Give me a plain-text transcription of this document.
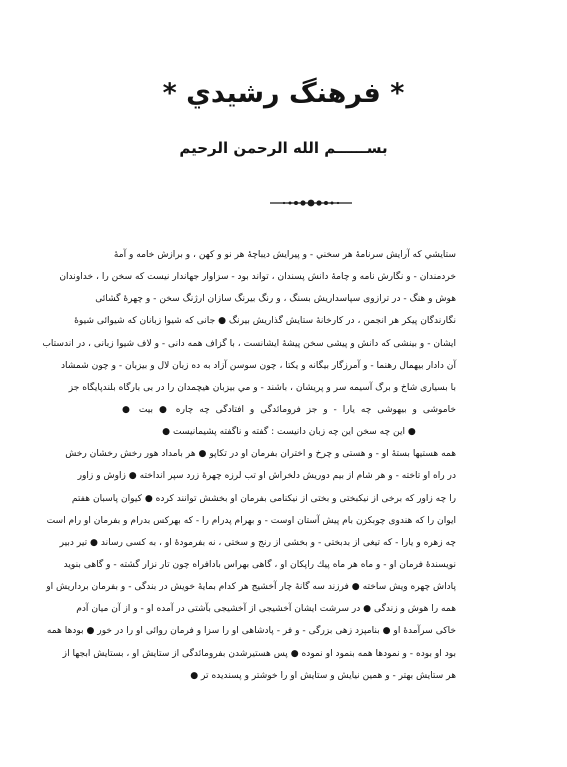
* فرهنگ رشيدي *
بســــــم الله الرحمن الرحيم
ستايشي كه آرايش سرنامهٔ هر سخني - و پيرايش ديباچهٔ هر نو و كهن ، و برازش خامه و آمهٔ
خردمندان - و نگارش نامه و چامهٔ دانش پسندان ، تواند بود - سزاوار جهاندار نيست كه سخن را ، خداوندان
هوش و هنگ - در ترازوی سپاسداريش بسنگ ، و رنگ بيرنگ سازان ارژنگ سخن - و چهرهٔ گشائی
نگارندگان پيكر هر انجمن ، در كارخانهٔ ستايش گذاريش بيرنگ ● جانی كه شيوا زبانان كه شيوائی شيوهٔ
ايشان - و بينشی كه دانش و پيشی سخن پيشهٔ ايشانست ، با گزاف همه دانی - و لاف شيوا زبانی ، در اندستاب
آن دادار بيهمال رهنما - و آمرزگار بيگانه و يكتا ، چون سوسن آزاد به ده زبان لال و بيزبان - و چون شمشاد
با بسياری شاخ و برگ آسيمه سر و پريشان ، باشند - و مي بيزبان هيچمدان را در بی بارگاه بلندپايگاه جز
خاموشی و بيهوشی چه يارا - و جز فرومائدگی و افتادگی چه چاره ● بيت ●
● اين چه سخن اين چه زبان دانيست : گفته و ناگفته پشيمانيست ●
همه هستيها بستهٔ او - و هستی و چرخ و اختران بفرمان او در تكاپو ● هر بامداد هور رخش رخشان رخش
در راه او تاخته - و هر شام از بيم دوريش دلخراش او تب لرزه چهرهٔ زرد سپر انداخته ● زاوش و زاور
را چه زاور كه برخی از نيكبختی و بختی از نيكنامی بفرمان او بخشش توانند كرده ● كيوان پاسبان هفتم
ايوان را كه هندوی چوبكزن بام پيش آستان اوست - و بهرام پدرام را - كه بهركس بدرام و بفرمان او رام است
چه زهره و يارا - كه تيغی از بدبختی - و بخشی از رنج و سختی ، نه بفرمودهٔ او ، به كسی رساند ● تير دبير
نويسندهٔ فرمان او - و ماه هر ماه پيك راپكان او ، گاهی بهراس بادافراه چون تار نزار گشته - و گاهی بنويد
پاداش چهره ويش ساخته ● فرزند سه گانهٔ چار آخشيج هر كدام بمايهٔ خويش در بندگی - و بفرمان برداريش او
همه را هوش و زندگی ● در سرشت ايشان آخشيجی از آخشيجی بآشتی در آمده او - و از آن ميان آدم
خاكی سرآمدهٔ او ● بنامپزد زهی بزرگی - و فر - پادشاهی او را سزا و فرمان روائی او را در خور ● بودها همه
بود او بوده - و نمودها همه بنمود او نموده ● پس هستيرشدن بفرومائدگی از ستايش او ، بستايش ابجها از
هر ستايش بهتر - و همين نيايش و ستايش او را خوشتر و پسنديده تر ●
